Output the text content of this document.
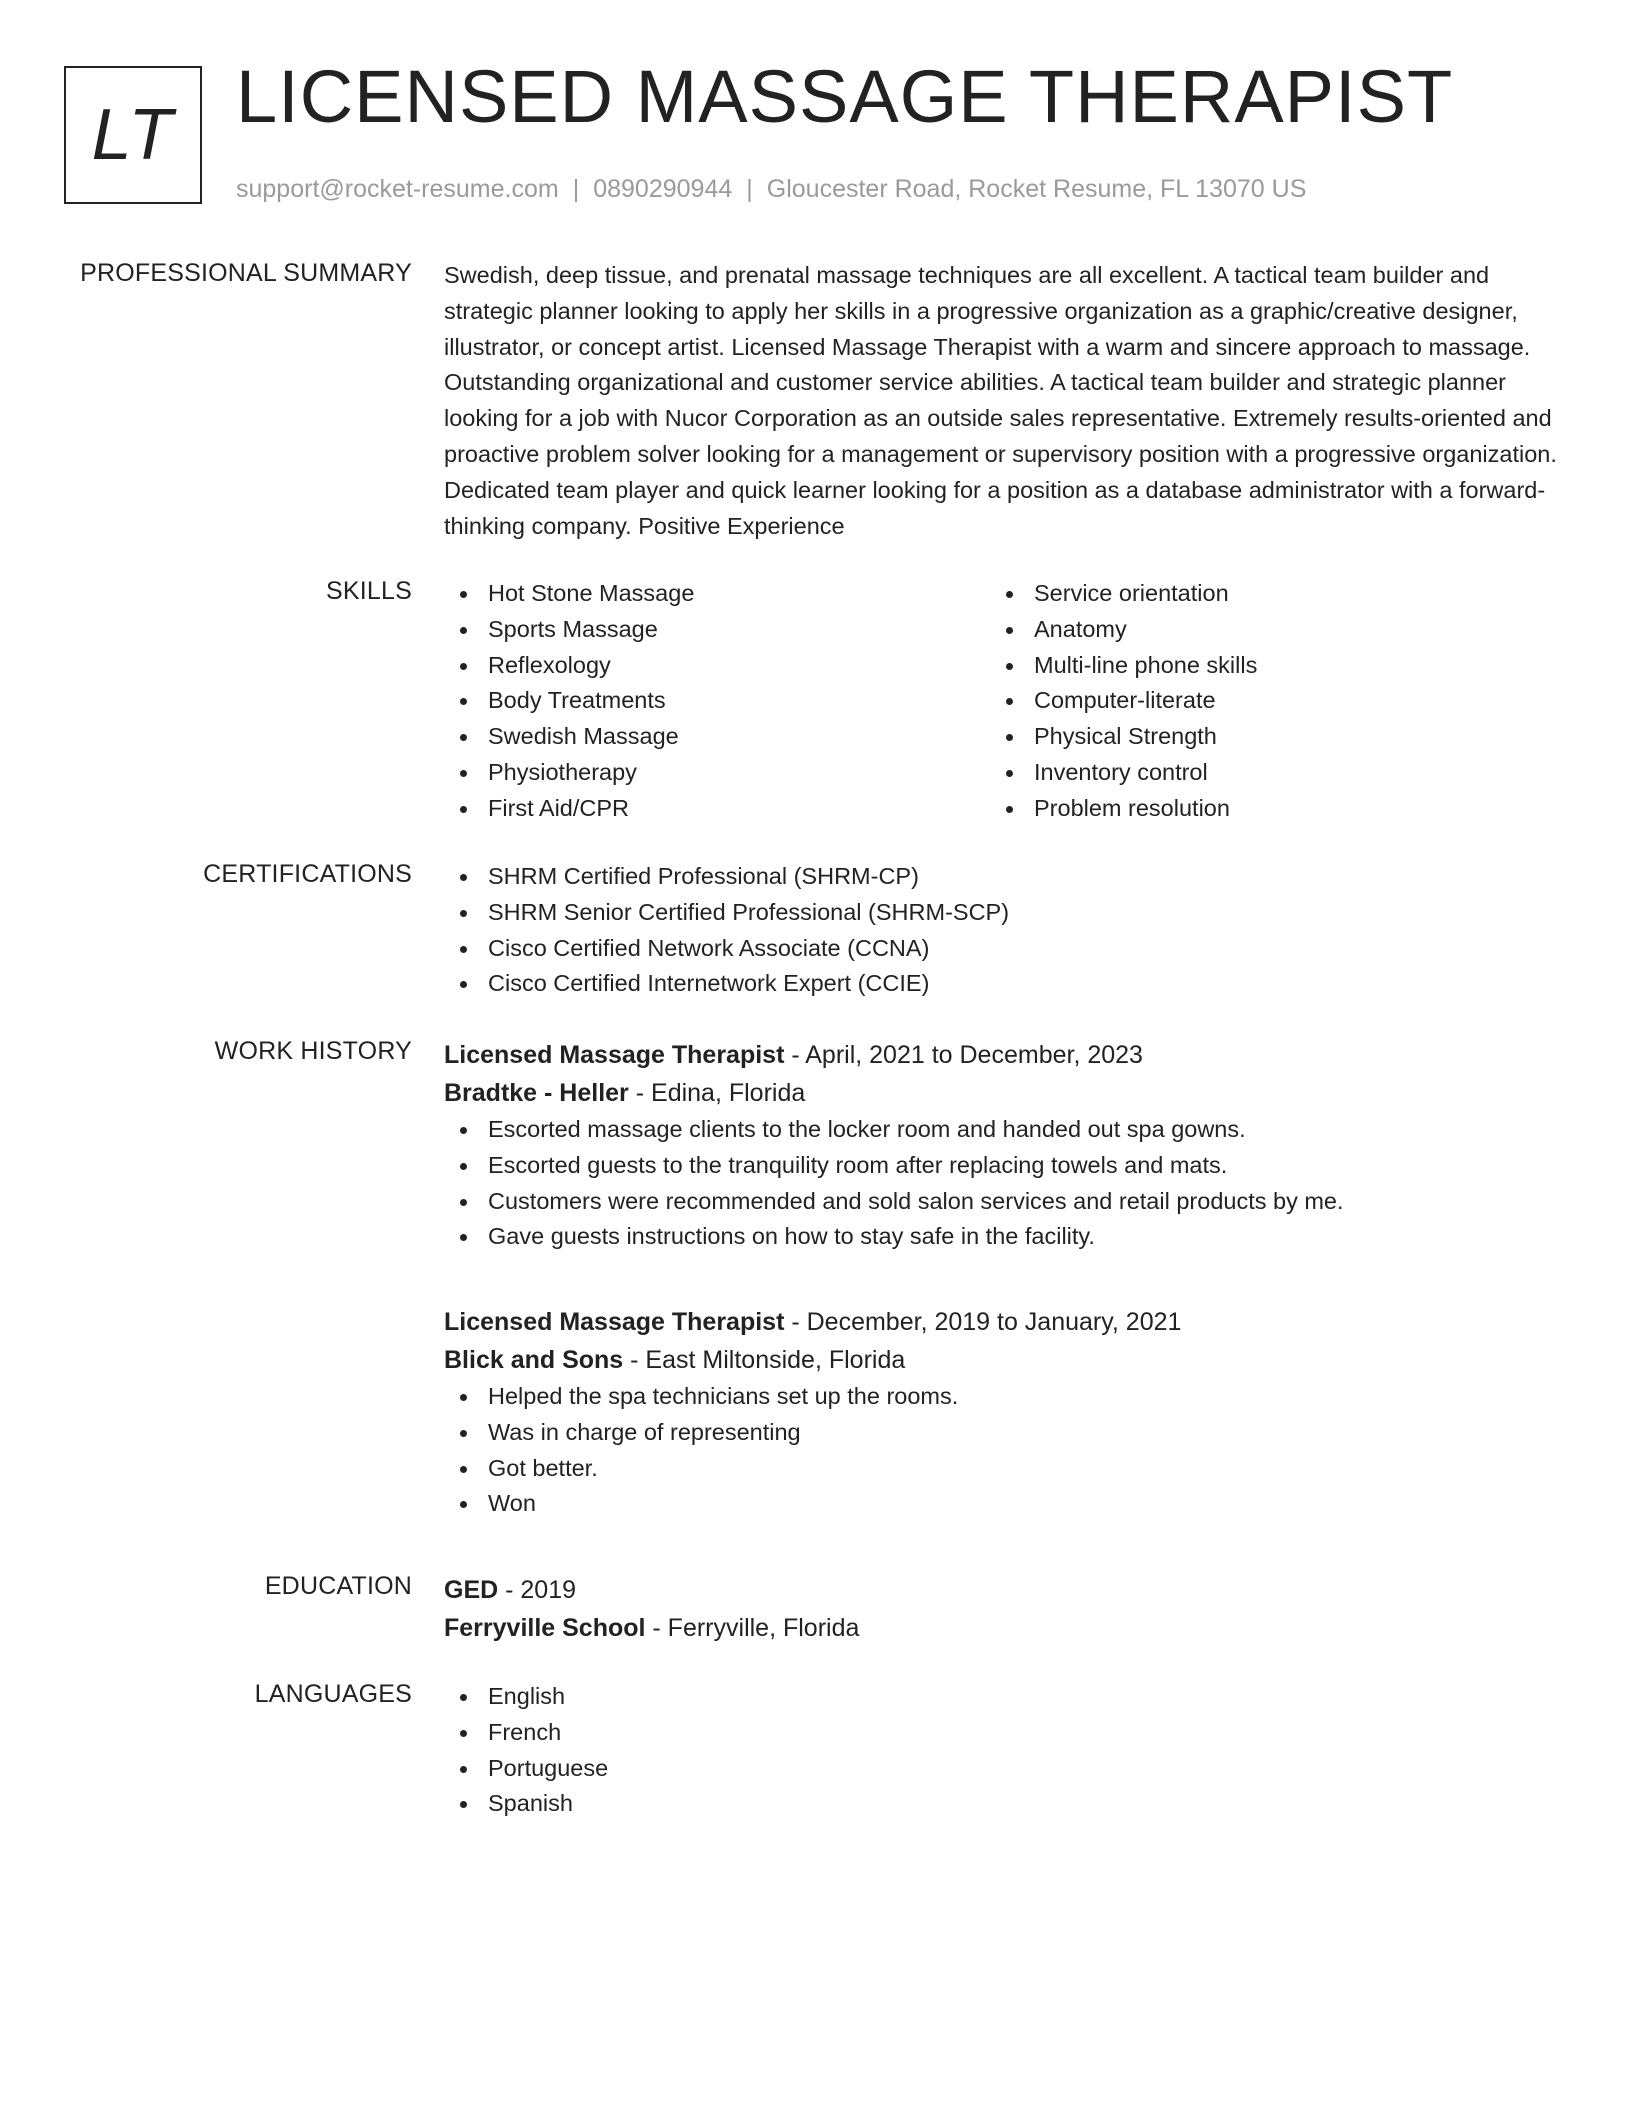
LT LICENSED MASSAGE THERAPIST
support@rocket-resume.com | 0890290944 | Gloucester Road, Rocket Resume, FL 13070 US
PROFESSIONAL SUMMARY Swedish, deep tissue, and prenatal massage techniques are all excellent. A tactical team builder and strategic planner looking to apply her skills in a progressive organization as a graphic/creative designer, illustrator, or concept artist. Licensed Massage Therapist with a warm and sincere approach to massage. Outstanding organizational and customer service abilities. A tactical team builder and strategic planner looking for a job with Nucor Corporation as an outside sales representative. Extremely results-oriented and proactive problem solver looking for a management or supervisory position with a progressive organization. Dedicated team player and quick learner looking for a position as a database administrator with a forward-thinking company. Positive Experience

SKILLS	Hot Stone Massage
Sports Massage
Reflexology
Body Treatments
Swedish Massage
Physiotherapy
First Aid/CPR
Service orientation
Anatomy
Multi-line phone skills
Computer-literate
Physical Strength
Inventory control
Problem resolution
CERTIFICATIONS	SHRM Certified Professional (SHRM-CP)
SHRM Senior Certified Professional (SHRM-SCP)
Cisco Certified Network Associate (CCNA)
Cisco Certified Internetwork Expert (CCIE)
WORK HISTORY Licensed Massage Therapist - April, 2021 to December, 2023
Bradtke - Heller - Edina, Florida
Escorted massage clients to the locker room and handed out spa gowns.
Escorted guests to the tranquility room after replacing towels and mats.
Customers were recommended and sold salon services and retail products by me.
Gave guests instructions on how to stay safe in the facility.
Licensed Massage Therapist - December, 2019 to January, 2021
Blick and Sons - East Miltonside, Florida
Helped the spa technicians set up the rooms.
Was in charge of representing
Got better.
Won
EDUCATION GED - 2019
Ferryville School - Ferryville, Florida
LANGUAGES	English
French
Portuguese
Spanish
